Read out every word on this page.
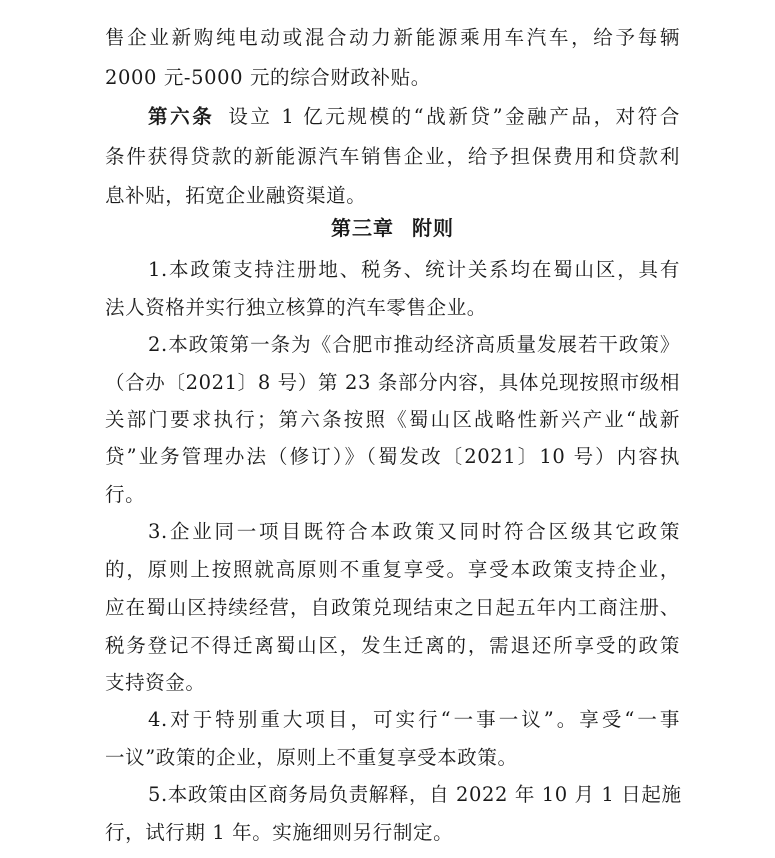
售企业新购纯电动或混合动力新能源乘用车汽车，给予每辆
2000 元-5000 元的综合财政补贴。
第六条 设立 1 亿元规模的“战新贷”金融产品，对符合
条件获得贷款的新能源汽车销售企业，给予担保费用和贷款利
息补贴，拓宽企业融资渠道。
第三章 附则
1.本政策支持注册地、税务、统计关系均在蜀山区，具有
法人资格并实行独立核算的汽车零售企业。
2.本政策第一条为《合肥市推动经济高质量发展若干政策》
（合办〔2021〕8 号）第 23 条部分内容，具体兑现按照市级相
关部门要求执行；第六条按照《蜀山区战略性新兴产业“战新
贷”业务管理办法（修订）》（蜀发改〔2021〕10 号）内容执
行。
3.企业同一项目既符合本政策又同时符合区级其它政策
的，原则上按照就高原则不重复享受。享受本政策支持企业，
应在蜀山区持续经营，自政策兑现结束之日起五年内工商注册、
税务登记不得迁离蜀山区，发生迁离的，需退还所享受的政策
支持资金。
4.对于特别重大项目，可实行“一事一议”。享受“一事
一议”政策的企业，原则上不重复享受本政策。
5.本政策由区商务局负责解释，自 2022 年 10 月 1 日起施
行，试行期 1 年。实施细则另行制定。
